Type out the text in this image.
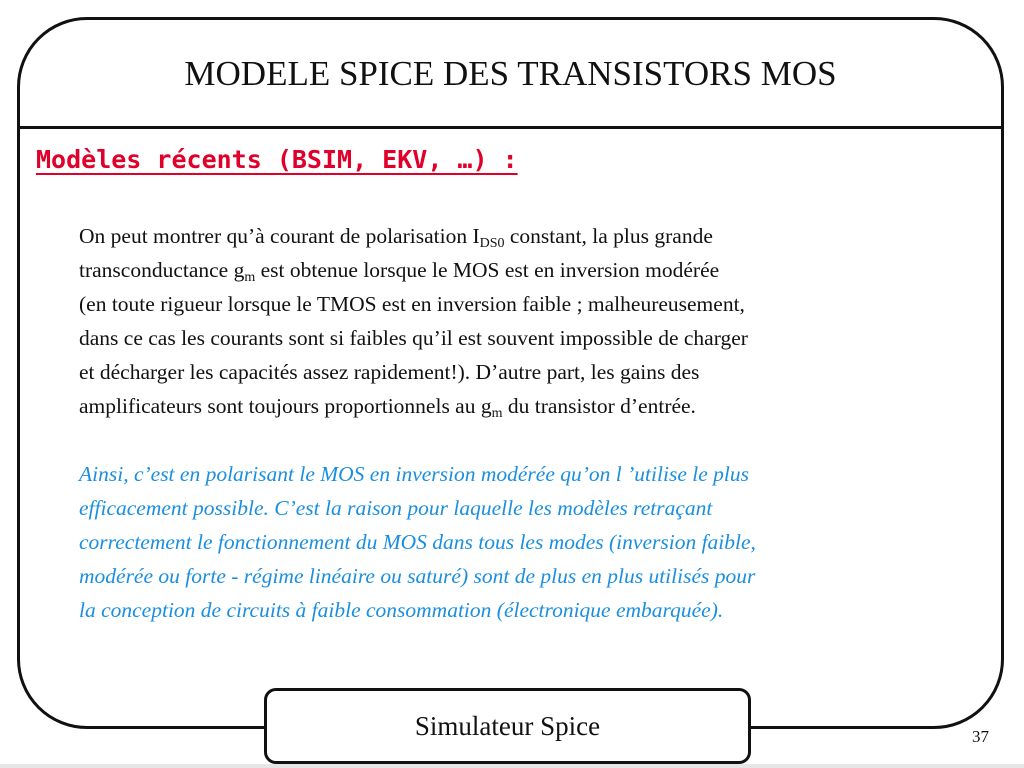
MODELE SPICE DES TRANSISTORS MOS
Modèles récents (BSIM, EKV, …) :
On peut montrer qu’à courant de polarisation $I_{DS0}$ constant, la plus grande
transconductance $g_m$ est obtenue lorsque le MOS est en inversion modérée
(en toute rigueur lorsque le TMOS est en inversion faible ; malheureusement,
dans ce cas les courants sont si faibles qu’il est souvent impossible de charger
et décharger les capacités assez rapidement!). D’autre part, les gains des
amplificateurs sont toujours proportionnels au $g_m$ du transistor d’entrée.
Ainsi, c’est en polarisant le MOS en inversion modérée qu’on l ’utilise le plus
efficacement possible. C’est la raison pour laquelle les modèles retraçant
correctement le fonctionnement du MOS dans tous les modes (inversion faible,
modérée ou forte - régime linéaire ou saturé) sont de plus en plus utilisés pour
la conception de circuits à faible consommation (électronique embarquée).
Simulateur Spice	37
